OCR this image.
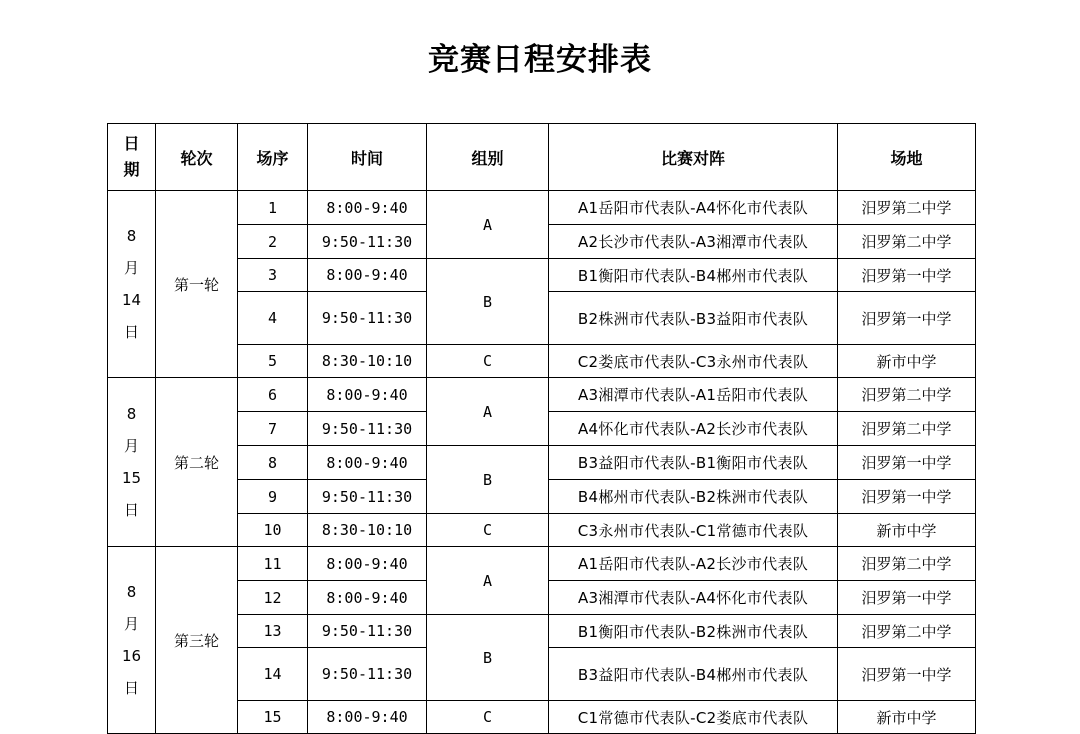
竞赛日程安排表
日
期	轮次	场序	时间	组别	比赛对阵	场地

8
月
14
日	第一轮	1	8:00-9:40	A	A1岳阳市代表队-A4怀化市代表队	汨罗第二中学
		2	9:50-11:30		A2长沙市代表队-A3湘潭市代表队	汨罗第二中学
		3	8:00-9:40	B	B1衡阳市代表队-B4郴州市代表队	汨罗第一中学
		4	9:50-11:30		B2株洲市代表队-B3益阳市代表队	汨罗第一中学
		5	8:30-10:10	C	C2娄底市代表队-C3永州市代表队	新市中学

8
月
15
日	第二轮	6	8:00-9:40	A	A3湘潭市代表队-A1岳阳市代表队	汨罗第二中学
		7	9:50-11:30		A4怀化市代表队-A2长沙市代表队	汨罗第二中学
		8	8:00-9:40	B	B3益阳市代表队-B1衡阳市代表队	汨罗第一中学
		9	9:50-11:30		B4郴州市代表队-B2株洲市代表队	汨罗第一中学
		10	8:30-10:10	C	C3永州市代表队-C1常德市代表队	新市中学

8
月
16
日	第三轮	11	8:00-9:40	A	A1岳阳市代表队-A2长沙市代表队	汨罗第二中学
		12	8:00-9:40		A3湘潭市代表队-A4怀化市代表队	汨罗第一中学
		13	9:50-11:30	B	B1衡阳市代表队-B2株洲市代表队	汨罗第二中学
		14	9:50-11:30		B3益阳市代表队-B4郴州市代表队	汨罗第一中学
		15	8:00-9:40	C	C1常德市代表队-C2娄底市代表队	新市中学
